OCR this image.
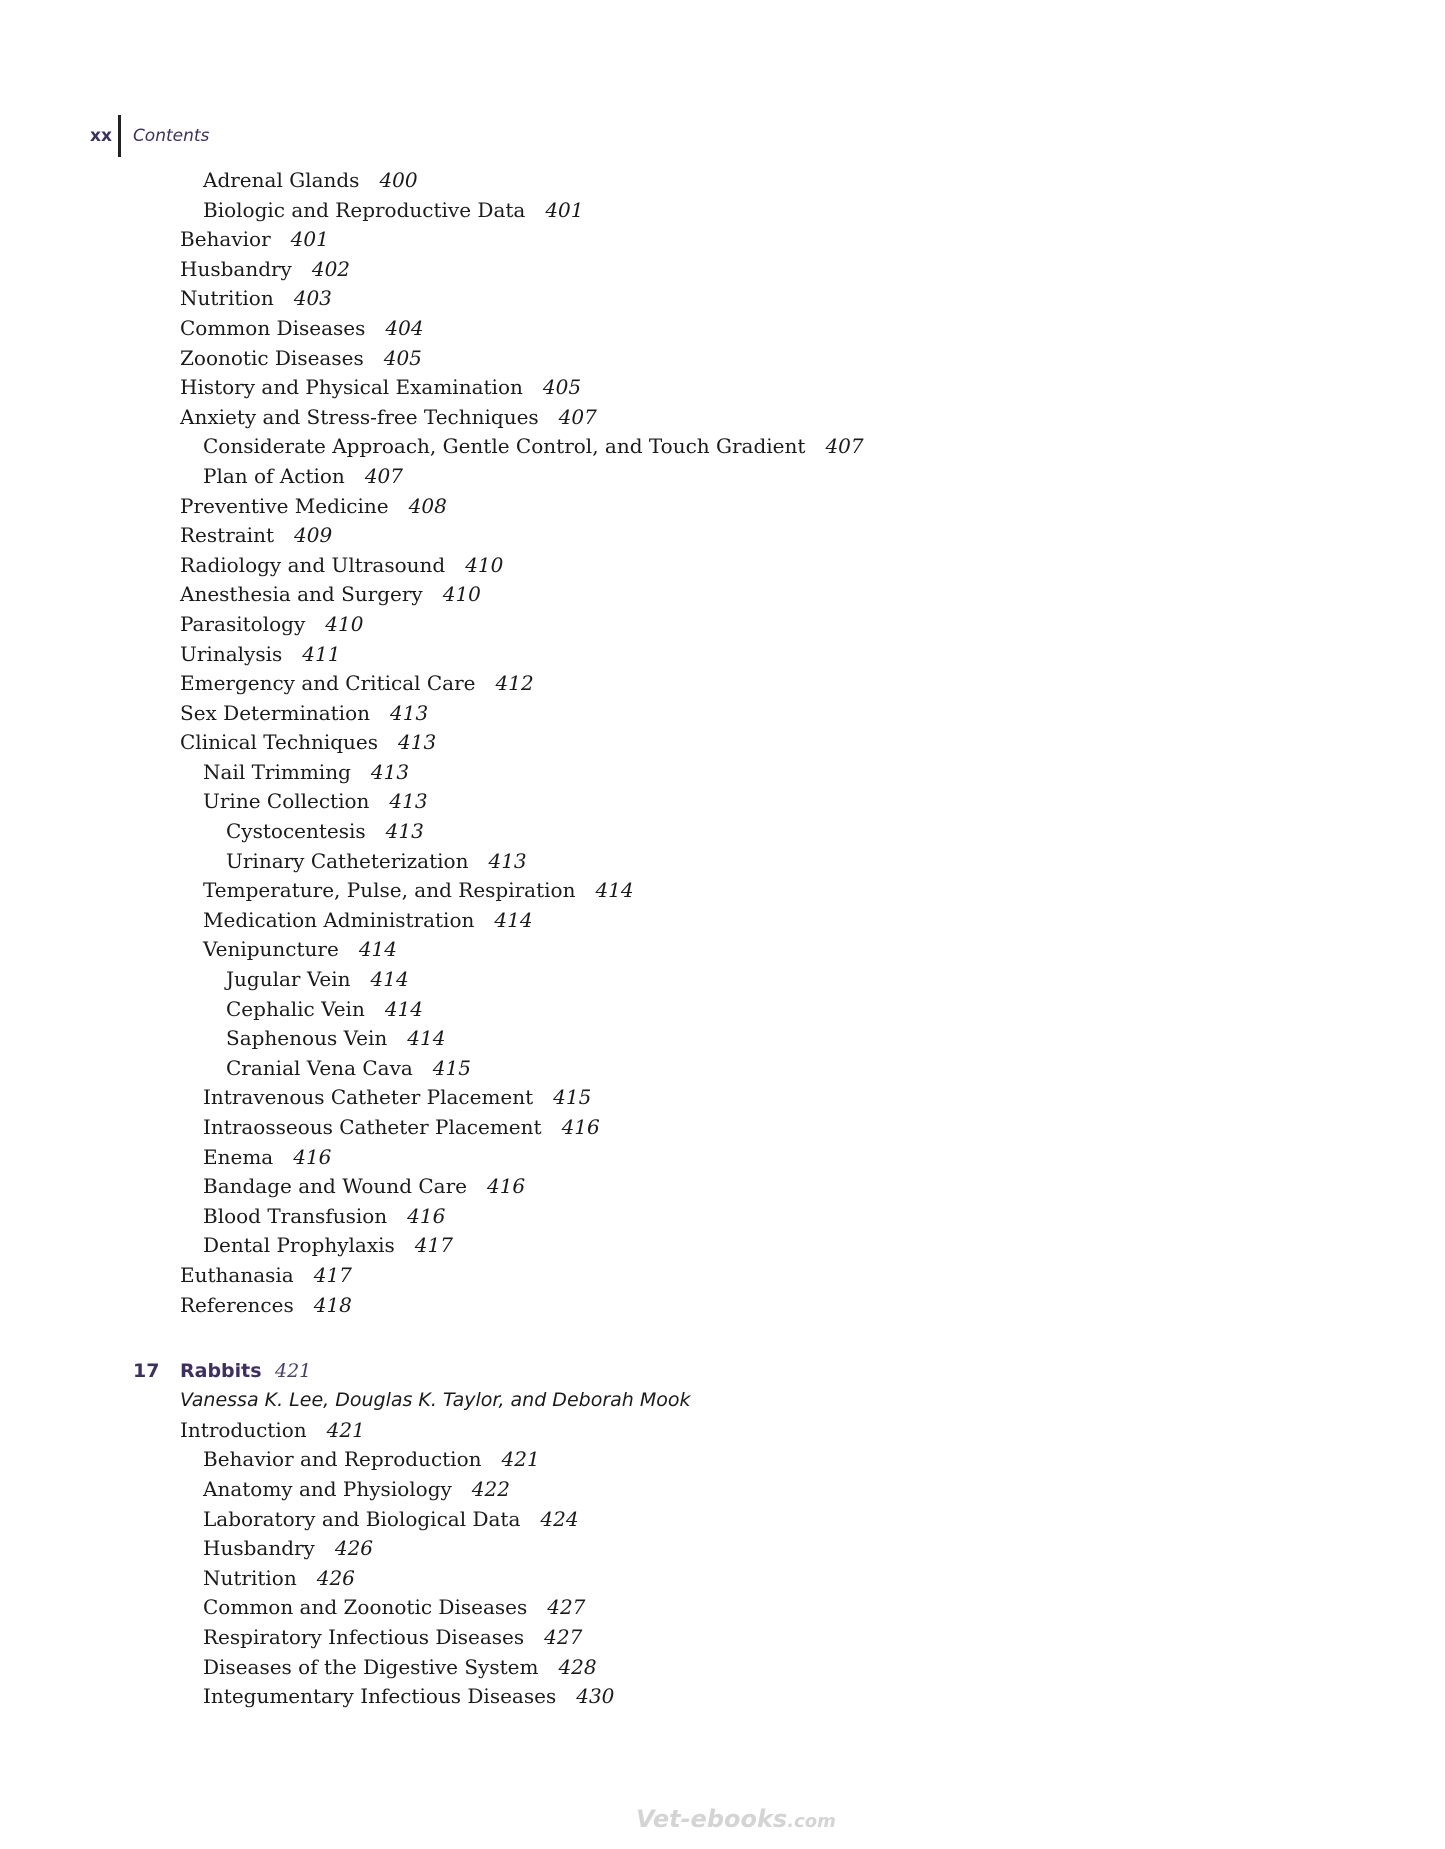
xx Contents
Adrenal Glands 400
Biologic and Reproductive Data 401
Behavior 401
Husbandry 402
Nutrition 403
Common Diseases 404
Zoonotic Diseases 405
History and Physical Examination 405
Anxiety and Stress-free Techniques 407
Considerate Approach, Gentle Control, and Touch Gradient 407
Plan of Action 407
Preventive Medicine 408
Restraint 409
Radiology and Ultrasound 410
Anesthesia and Surgery 410
Parasitology 410
Urinalysis 411
Emergency and Critical Care 412
Sex Determination 413
Clinical Techniques 413
Nail Trimming 413
Urine Collection 413
Cystocentesis 413
Urinary Catheterization 413
Temperature, Pulse, and Respiration 414
Medication Administration 414
Venipuncture 414
Jugular Vein 414
Cephalic Vein 414
Saphenous Vein 414
Cranial Vena Cava 415
Intravenous Catheter Placement 415
Intraosseous Catheter Placement 416
Enema 416
Bandage and Wound Care 416
Blood Transfusion 416
Dental Prophylaxis 417
Euthanasia 417
References 418
17 Rabbits 421
Vanessa K. Lee, Douglas K. Taylor, and Deborah Mook
Introduction 421
Behavior and Reproduction 421
Anatomy and Physiology 422
Laboratory and Biological Data 424
Husbandry 426
Nutrition 426
Common and Zoonotic Diseases 427
Respiratory Infectious Diseases 427
Diseases of the Digestive System 428
Integumentary Infectious Diseases 430
Vet-ebooks.com
